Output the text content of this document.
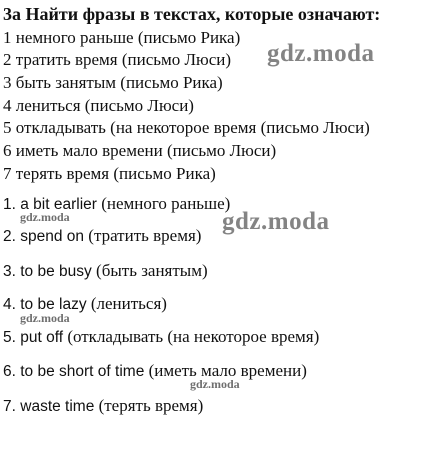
3a Найти фразы в текстах, которые означают:
1 немного раньше (письмо Рика)
2 тратить время (письмо Люси)
3 быть занятым (письмо Рика)
4 лениться (письмо Люси)
5 откладывать (на некоторое время (письмо Люси)
6 иметь мало времени (письмо Люси)
7 терять время (письмо Рика)
1. a bit earlier (немного раньше)
2. spend on (тратить время)
3. to be busy (быть занятым)
4. to be lazy (лениться)
5. put off (откладывать (на некоторое время)
6. to be short of time (иметь мало времени)
7. waste time (терять время)
gdz.moda
gdz.moda
gdz.moda
gdz.moda
gdz.moda
